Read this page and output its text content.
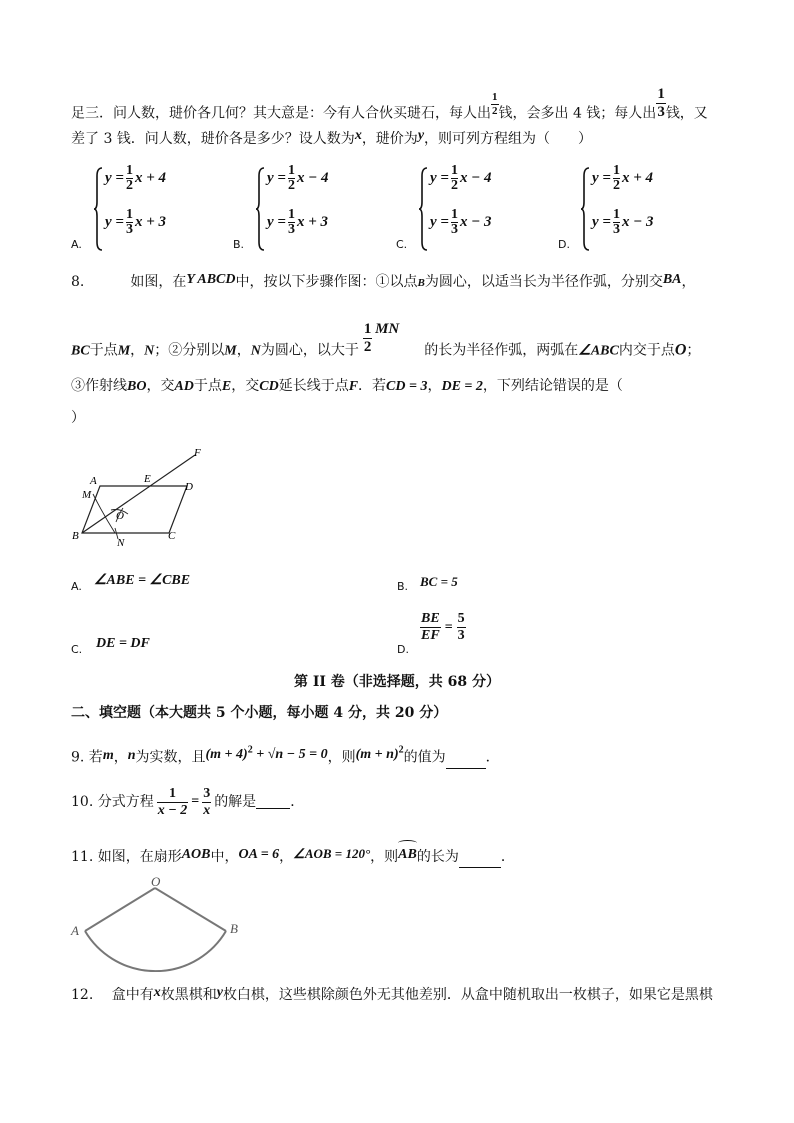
足三．问人数，琎价各几何？其大意是：今有人合伙买琎石，每人出 $\frac{1}{2}$ 钱，会多出 4 钱；每人出 $\frac{1}{3}$ 钱，又
差了 3 钱．问人数，琎价各是多少？设人数为x，琎价为y，则可列方程组为（　　）
$y = \frac{1}{2}$ x + 4
$y = \frac{1}{3}$ x + 3
A.
$y = \frac{1}{2}$ x − 4
$y = \frac{1}{3}$ x + 3
B.
$y = \frac{1}{2}$ x − 4
$y = \frac{1}{3}$ x − 3
C.
$y = \frac{1}{2}$ x + 4
$y = \frac{1}{3}$ x − 3
D.
8.	如图，在Y ABCD中，按以下步骤作图：①以点B为圆心，以适当长为半径作弧，分别交BA，
BC于点M，N；②分别以M，N为圆心，以大于 $\frac{1 MN}{2}$ 的长为半径作弧，两弧在∠ABC内交于点O；
③作射线BO，交AD于点E，交CD延长线于点F．若CD = 3，DE = 2，下列结论错误的是（
）
A
M
E
D
F
O
B
N
C
A. ∠ABE = ∠CBE	B. BC = 5
C. DE = DF	D.
$\frac{BE}{EF} = \frac{5}{3}$
第 II 卷（非选择题，共 68 分）
二、填空题（本大题共 5 个小题，每小题 4 分，共 20 分）
9. 若m，n为实数，且$(m + 4)^2 + √n - 5 = 0$，则$(m + n)^2$的值为	．
10. 分式方程 $\frac{1}{x - 2} = \frac{3}{x}$ 的解是 ．
11. 如图，在扇形AOB中，OA = 6，∠AOB = 120°，则
AB的长为	．
O
A	B
12.　 盒中有x枚黑棋和y枚白棋，这些棋除颜色外无其他差别．从盒中随机取出一枚棋子，如果它是黑棋
